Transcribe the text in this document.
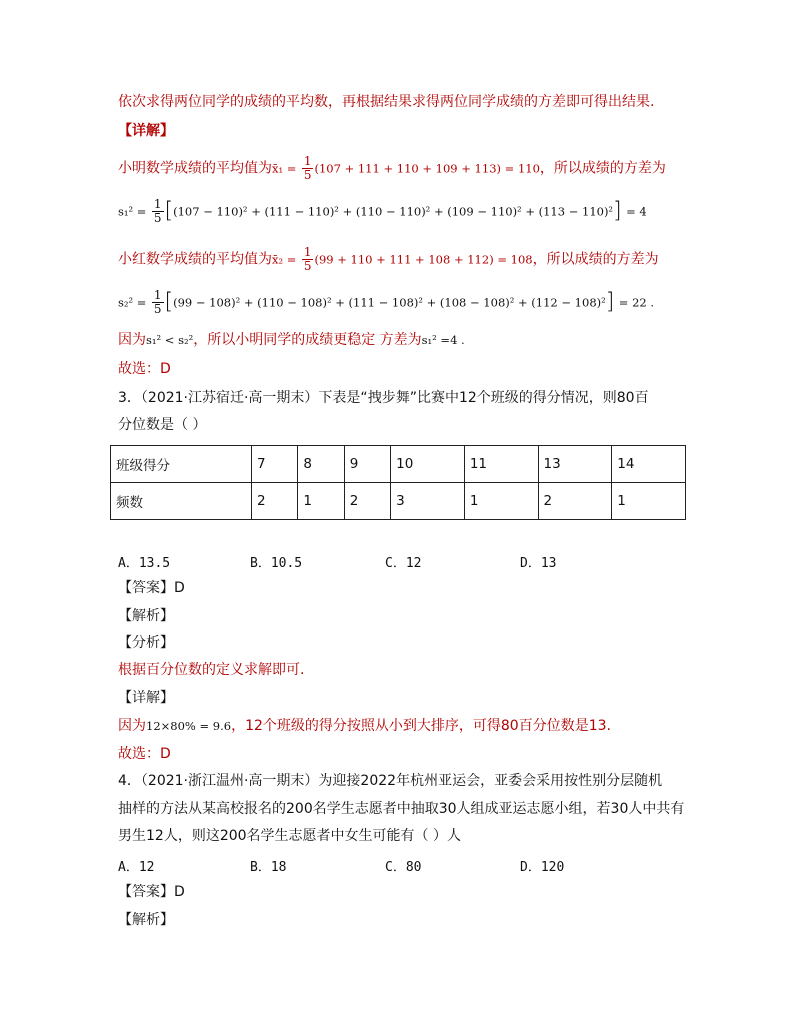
依次求得两位同学的成绩的平均数，再根据结果求得两位同学成绩的方差即可得出结果.
【详解】
小明数学成绩的平均值为x̄₁ = $\frac{1}{5} (107 + 111 + 110 + 109 + 113) = 110$，所以成绩的方差为
$s_1^2 = \frac{1}{5} [(107 - 110)^2 + (111 - 110)^2 + (110 - 110)^2 + (109 - 110)^2 + (113 - 110)^2] = 4$
小红数学成绩的平均值为x̄₂ = $\frac{1}{5} (99 + 110 + 111 + 108 + 112) = 108$，所以成绩的方差为
$s_2^2 = \frac{1}{5} [(99 - 108)^2 + (110 - 108)^2 + (111 - 108)^2 + (108 - 108)^2 + (112 - 108)^2] = 22$ .
因为s₁² < s₂²，所以小明同学的成绩更稳定 方差为s₁² =4 .
故选：D
3．（2021·江苏宿迁·高一期末）下表是“拽步舞”比赛中12个班级的得分情况，则80百
分位数是（ ）
班级得分	7	8	9	10	11	13	14
频数	2	1	2	3	1	2	1
A．13.5	B．10.5	C．12	D．13
【答案】D
【解析】
【分析】
根据百分位数的定义求解即可.
【详解】
因为12×80% = 9.6，12个班级的得分按照从小到大排序，可得80百分位数是13.
故选：D
4．（2021·浙江温州·高一期末）为迎接2022年杭州亚运会，亚委会采用按性别分层随机
抽样的方法从某高校报名的200名学生志愿者中抽取30人组成亚运志愿小组，若30人中共有
男生12人，则这200名学生志愿者中女生可能有（ ）人
A．12	B．18	C．80	D．120
【答案】D
【解析】
